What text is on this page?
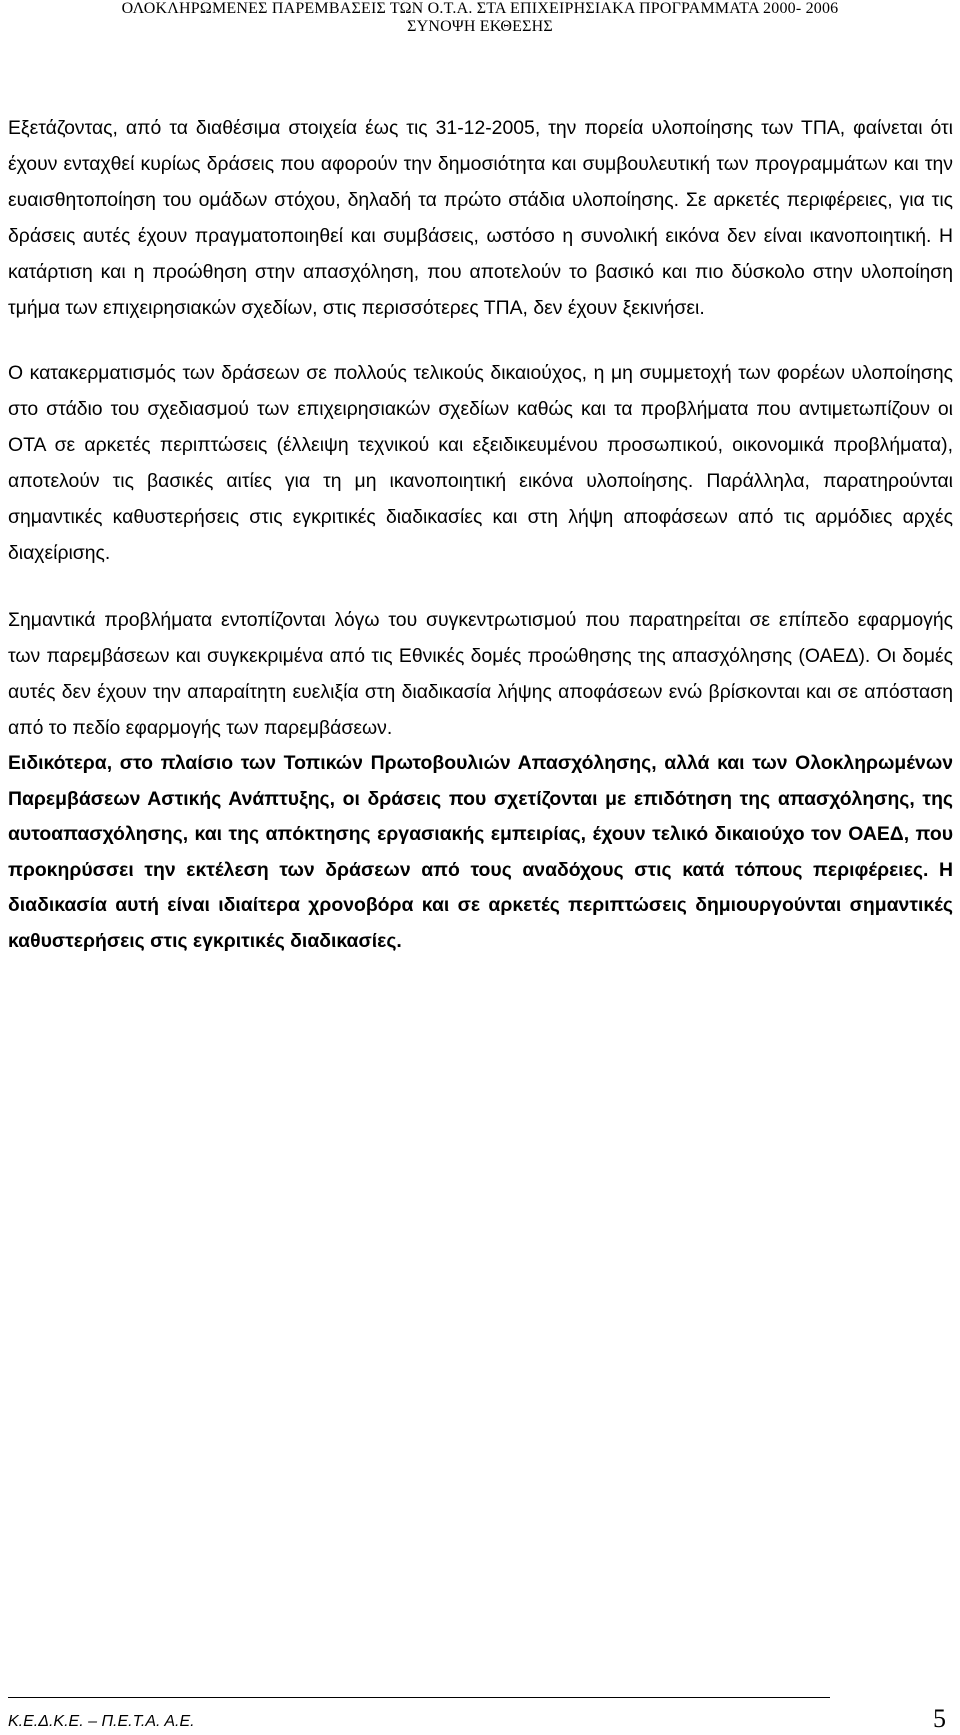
ΟΛΟΚΛΗΡΩΜΕΝΕΣ ΠΑΡΕΜΒΑΣΕΙΣ ΤΩΝ Ο.Τ.Α. ΣΤΑ ΕΠΙΧΕΙΡΗΣΙΑΚΑ ΠΡΟΓΡΑΜΜΑΤΑ 2000- 2006
ΣΥΝΟΨΗ ΕΚΘΕΣΗΣ

Εξετάζοντας, από τα διαθέσιμα στοιχεία έως τις 31-12-2005, την πορεία υλοποίησης των ΤΠΑ, φαίνεται ότι έχουν ενταχθεί κυρίως δράσεις που αφορούν την δημοσιότητα και συμβουλευτική των προγραμμάτων και την ευαισθητοποίηση του ομάδων στόχου, δηλαδή τα πρώτο στάδια υλοποίησης. Σε αρκετές περιφέρειες, για τις δράσεις αυτές έχουν πραγματοποιηθεί και συμβάσεις, ωστόσο η συνολική εικόνα δεν είναι ικανοποιητική. Η κατάρτιση και η προώθηση στην απασχόληση, που αποτελούν το βασικό και πιο δύσκολο στην υλοποίηση τμήμα των επιχειρησιακών σχεδίων, στις περισσότερες ΤΠΑ, δεν έχουν ξεκινήσει.

Ο κατακερματισμός των δράσεων σε πολλούς τελικούς δικαιούχος, η μη συμμετοχή των φορέων υλοποίησης στο στάδιο του σχεδιασμού των επιχειρησιακών σχεδίων καθώς και τα προβλήματα που αντιμετωπίζουν οι ΟΤΑ σε αρκετές περιπτώσεις (έλλειψη τεχνικού και εξειδικευμένου προσωπικού, οικονομικά προβλήματα), αποτελούν τις βασικές αιτίες για τη μη ικανοποιητική εικόνα υλοποίησης. Παράλληλα, παρατηρούνται σημαντικές καθυστερήσεις στις εγκριτικές διαδικασίες και στη λήψη αποφάσεων από τις αρμόδιες αρχές διαχείρισης.

Σημαντικά προβλήματα εντοπίζονται λόγω του συγκεντρωτισμού που παρατηρείται σε επίπεδο εφαρμογής των παρεμβάσεων και συγκεκριμένα από τις Εθνικές δομές προώθησης της απασχόλησης (ΟΑΕΔ). Οι δομές αυτές δεν έχουν την απαραίτητη ευελιξία στη διαδικασία λήψης αποφάσεων ενώ βρίσκονται και σε απόσταση από το πεδίο εφαρμογής των παρεμβάσεων.

Ειδικότερα, στο πλαίσιο των Τοπικών Πρωτοβουλιών Απασχόλησης, αλλά και των Ολοκληρωμένων Παρεμβάσεων Αστικής Ανάπτυξης, οι δράσεις που σχετίζονται με επιδότηση της απασχόλησης, της αυτοαπασχόλησης, και της απόκτησης εργασιακής εμπειρίας, έχουν τελικό δικαιούχο τον ΟΑΕΔ, που προκηρύσσει την εκτέλεση των δράσεων από τους αναδόχους στις κατά τόπους περιφέρειες. Η διαδικασία αυτή είναι ιδιαίτερα χρονοβόρα και σε αρκετές περιπτώσεις δημιουργούνται σημαντικές καθυστερήσεις στις εγκριτικές διαδικασίες.

Κ.Ε.Δ.Κ.Ε. – Π.Ε.Τ.Α. Α.Ε.	5
